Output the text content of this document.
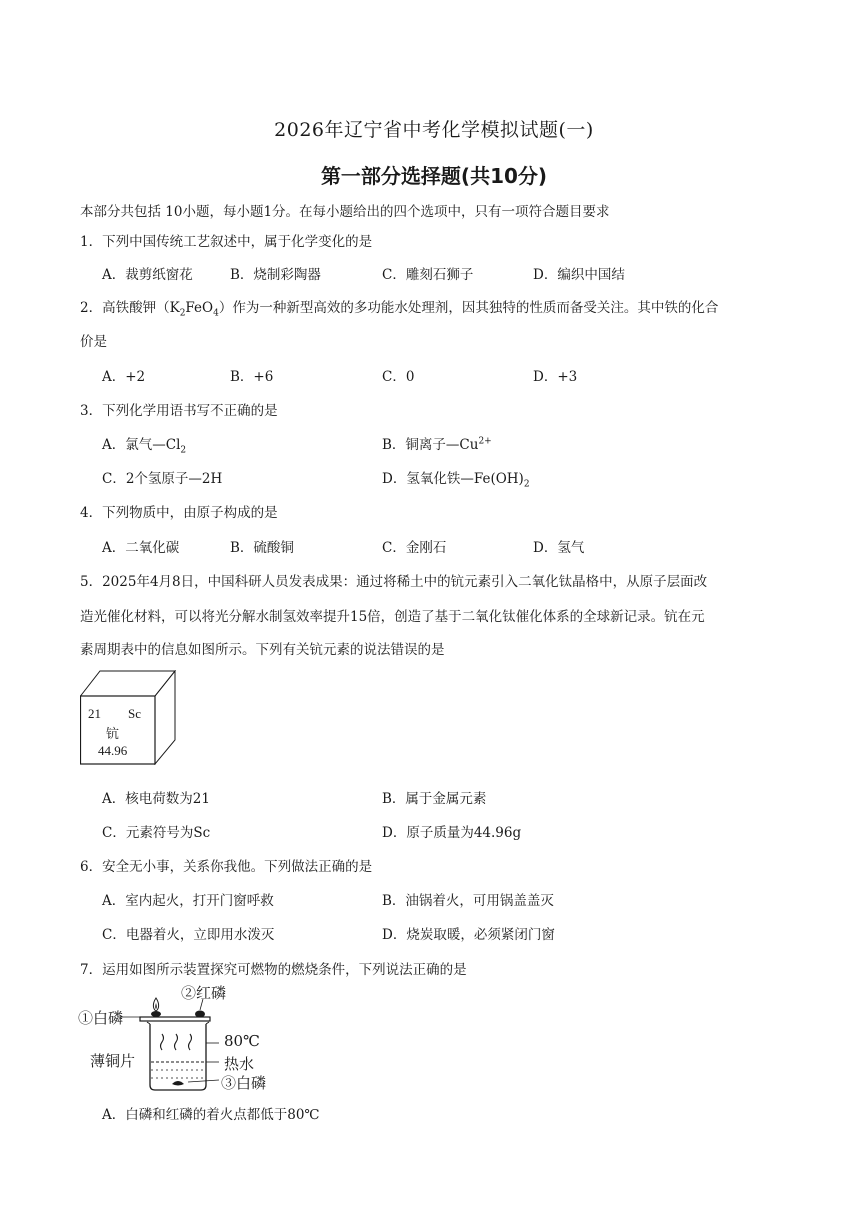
2026年辽宁省中考化学模拟试题(一)
第一部分选择题(共10分)
本部分共包括 10小题，每小题1分。在每小题给出的四个选项中，只有一项符合题目要求
1．下列中国传统工艺叙述中，属于化学变化的是
A．裁剪纸窗花	B．烧制彩陶器	C．雕刻石狮子	D．编织中国结
2．高铁酸钾$(K_2FeO_4)$作为一种新型高效的多功能水处理剂，因其独特的性质而备受关注。其中铁的化合
价是
A．+2	B．+6	C．0	D．+3
3．下列化学用语书写不正确的是
A．氯气$—Cl_2$	B．铜离子$—Cu^{2+}$
C．2个氢原子—2H	D．氢氧化铁$—Fe(OH)_2$
4．下列物质中，由原子构成的是
A．二氧化碳	B．硫酸铜	C．金刚石	D．氢气
5．2025年4月8日，中国科研人员发表成果：通过将稀土中的钪元素引入二氧化钛晶格中，从原子层面改
造光催化材料，可以将光分解水制氢效率提升15倍，创造了基于二氧化钛催化体系的全球新记录。钪在元
素周期表中的信息如图所示。下列有关钪元素的说法错误的是
21 Sc
钪
44.96
A．核电荷数为21	B．属于金属元素
C．元素符号为Sc	D．原子质量为44.96g
6．安全无小事，关系你我他。下列做法正确的是
A．室内起火，打开门窗呼救	B．油锅着火，可用锅盖盖灭
C．电器着火，立即用水泼灭	D．烧炭取暖，必须紧闭门窗
7．运用如图所示装置探究可燃物的燃烧条件，下列说法正确的是
①白磷
②红磷
80℃
薄铜片	热水
③白磷
A．白磷和红磷的着火点都低于80℃
